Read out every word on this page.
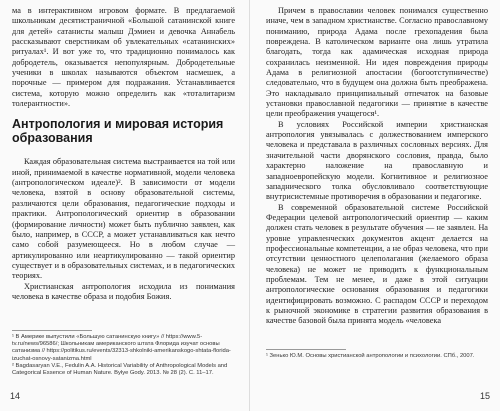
ма в интерактивном игровом формате. В предлагаемой школьникам десятистраничной «Большой сатанинской книге для детей» сатанисты малыш Дэмиен и девочка Аннабель рассказывают сверстникам об увлекательных «сатанинских» ритуалах¹. И вот уже то, что традиционно понималось как добродетель, оказывается непопулярным. Добродетельные ученики в школах называются объектом насмешек, а порочные — примером для подражания. Устанавливается система, которую можно определить как «тоталитаризм толерантности».

Антропология и мировая история образования

Каждая образовательная система выстраивается на той или иной, принимаемой в качестве нормативной, модели человека (антропологическом идеале)². В зависимости от модели человека, взятой в основу образовательной системы, различаются цели образования, педагогические подходы и практики. Антропологический ориентир в образовании (формирование личности) может быть публично заявлен, как было, например, в СССР, а может устанавливаться как нечто само собой разумеющееся. Но в любом случае — артикулированно или неартикулированно — такой ориентир существует и в образовательных системах, и в педагогических теориях.

Христианская антропология исходила из понимания человека в качестве образа и подобия Божия.

¹ В Америке выпустили «Большую сатанинскую книгу» // https://www.5-tv.ru/news/96586/; Школьникам американского штата Флорида изучат основы сатанизма // https://politikus.ru/events/32313-shkolniki-amerikanskogo-shtata-florida-izuchat-osnovy-satanizma.html

² Bagdasaryan V.E., Fedulin A.A. Historical Variability of Anthropological Models and Categorical Essence of Human Nature. Byłye Gody. 2013. № 28 (2). С. 11–17.

14

Причем в православии человек понимался существенно иначе, чем в западном христианстве. Согласно православному пониманию, природа Адама после грехопадения была повреждена. В католическом варианте она лишь утратила благодать, тогда как адамическая исходная природа сохранилась неизменной. Ни идея повреждения природы Адама в религиозной апостасии (богоотступничестве) следовательно, что в будущем она должна быть преображена. Это накладывало принципиальный отпечаток на базовые установки православной педагогики — принятие в качестве цели преображения учащегося¹.

В условиях Российской империи христианская антропология увязывалась с должествованием имперского человека и представала в различных сословных версиях. Для значительной части дворянского сословия, правда, было характерно наложение на православную и западноевропейскую модели. Когнитивное и религиозное западнического толка обусловливало соответствующие внутрисистемные противоречия в образовании и педагогике.

В современной образовательной системе Российской Федерации целевой антропологический ориентир — каким должен стать человек в результате обучения — не заявлен. На уровне управленческих документов акцент делается на профессиональные компетенции, а не образ человека, что при отсутствии ценностного целеполагания (желаемого образа человека) не может не приводить к функциональным проблемам. Тем не менее, и даже в этой ситуации антропологические основания образования и педагогики идентифицировать возможно. С распадом СССР и переходом к рыночной экономике в стратегии развития образования в качестве базовой была принята модель «человека

¹ Зенько Ю.М. Основы христианской антропологии и психологии. СПб., 2007.

15
